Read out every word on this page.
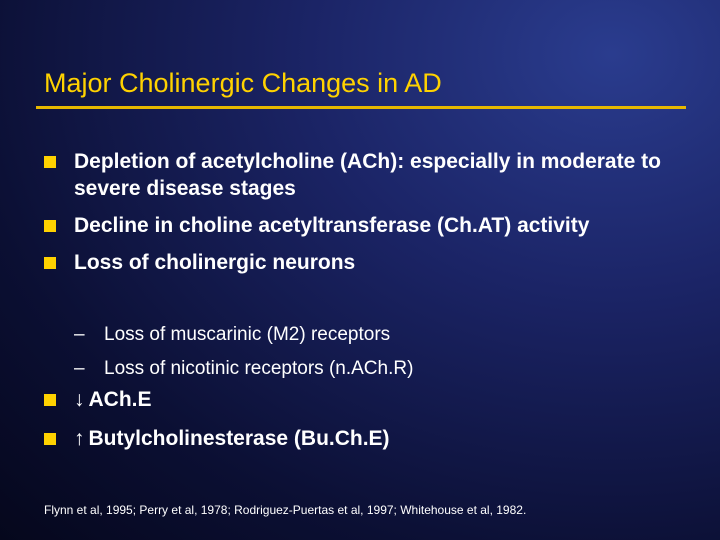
Major Cholinergic Changes in AD
Depletion of acetylcholine (ACh): especially in moderate to severe disease stages
Decline in choline acetyltransferase (Ch.AT) activity
Loss of cholinergic neurons
– Loss of muscarinic (M2) receptors
– Loss of nicotinic receptors (n.ACh.R)
↓ ACh.E
↑ Butylcholinesterase (Bu.Ch.E)
Flynn et al, 1995; Perry et al, 1978; Rodriguez-Puertas et al, 1997; Whitehouse et al, 1982.
